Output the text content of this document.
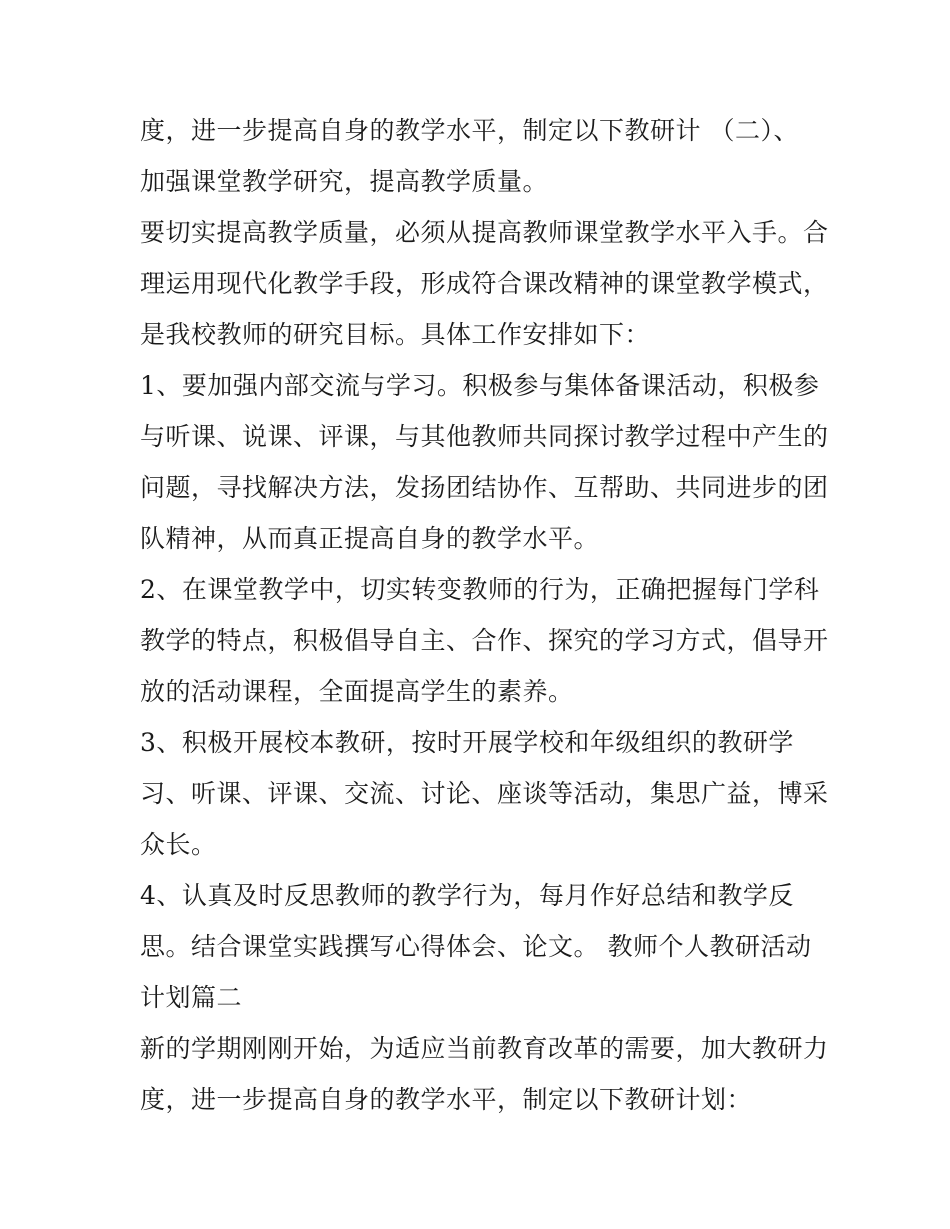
度，进一步提高自身的教学水平，制定以下教研计 （二）、
加强课堂教学研究，提高教学质量。
要切实提高教学质量，必须从提高教师课堂教学水平入手。合
理运用现代化教学手段，形成符合课改精神的课堂教学模式，
是我校教师的研究目标。具体工作安排如下：
1、要加强内部交流与学习。积极参与集体备课活动，积极参
与听课、说课、评课，与其他教师共同探讨教学过程中产生的
问题，寻找解决方法，发扬团结协作、互帮助、共同进步的团
队精神，从而真正提高自身的教学水平。
2、在课堂教学中，切实转变教师的行为，正确把握每门学科
教学的特点，积极倡导自主、合作、探究的学习方式，倡导开
放的活动课程，全面提高学生的素养。
3、积极开展校本教研，按时开展学校和年级组织的教研学
习、听课、评课、交流、讨论、座谈等活动，集思广益，博采
众长。
4、认真及时反思教师的教学行为，每月作好总结和教学反
思。结合课堂实践撰写心得体会、论文。 教师个人教研活动
计划篇二
新的学期刚刚开始，为适应当前教育改革的需要，加大教研力
度，进一步提高自身的教学水平，制定以下教研计划：
